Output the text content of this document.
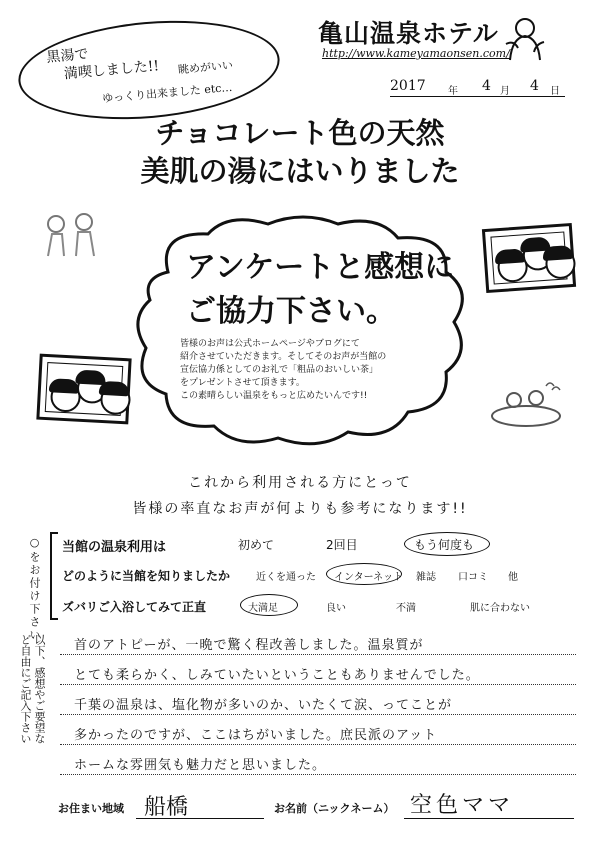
亀山温泉ホテル
http://www.kameyamaonsen.com/
2017 年 4 月 4 日
黒湯で
満喫しました!! 眺めがいい
ゆっくり出来ました etc…
チョコレート色の天然
美肌の湯にはいりました
アンケートと感想に
ご協力下さい。
皆様のお声は公式ホームページやブログにて
紹介させていただきます。そしてそのお声が当館の
宣伝協力係としてのお礼で「粗品のおいしい茶」
をプレゼントさせて頂きます。
この素晴らしい温泉をもっと広めたいんです!!
これから利用される方にとって
皆様の率直なお声が何よりも参考になります!!
○をお付け下さい
以下、感想やご要望など自由にご記入下さい
当館の温泉利用は	初めて	2回目	もう何度も
どのように当館を知りましたか	近くを通った インターネット 雑誌 口コミ 他
ズバリご入浴してみて正直	大満足	良い	不満	肌に合わない
首のアトピーが、一晩で驚く程改善しました。温泉質が
とても柔らかく、しみていたいということもありませんでした。
千葉の温泉は、塩化物が多いのか、いたくて涙、ってことが
多かったのですが、ここはちがいました。庶民派のアット
ホームな雰囲気も魅力だと思いました。
お住まい地域 船橋	お名前（ニックネーム） 空色ママ
